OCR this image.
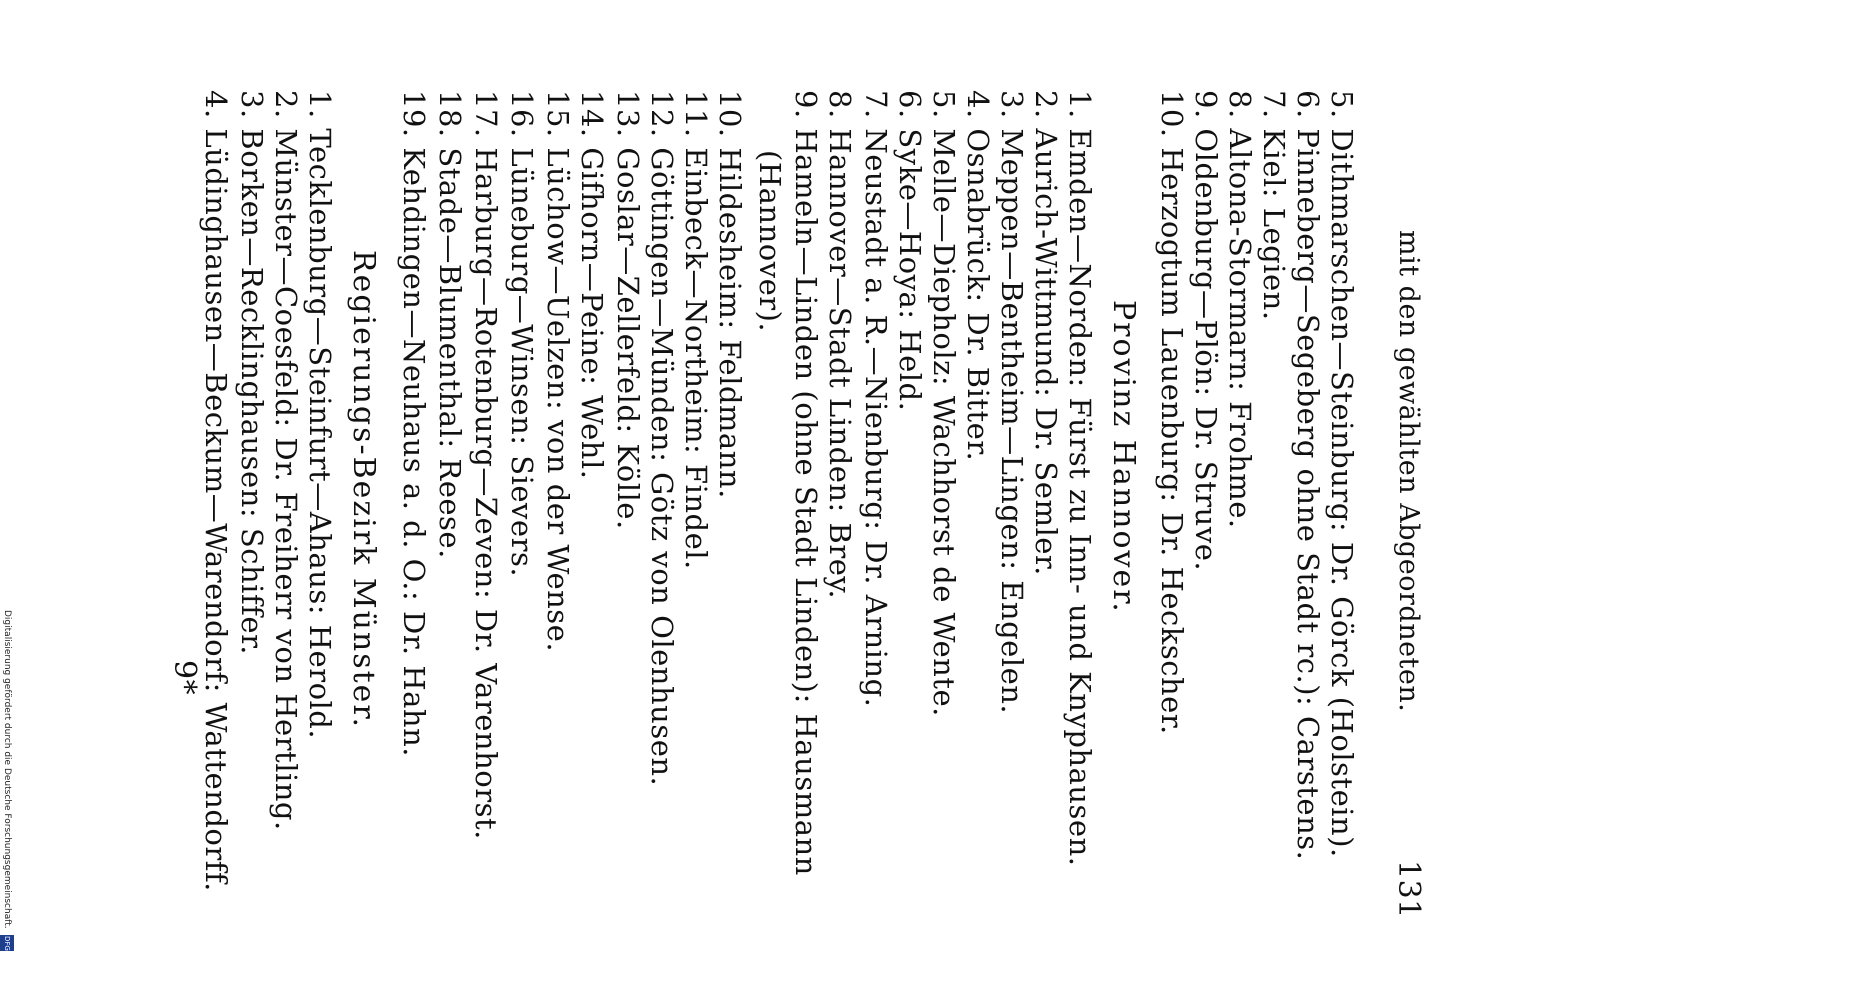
131
mit den gewählten Abgeordneten.
5. Dithmarschen—Steinburg: Dr. Görck (Holstein).
6. Pinneberg—Segeberg ohne Stadt rc.): Carstens.
7. Kiel: Legien.
8. Altona-Stormarn: Frohme.
9. Oldenburg—Plön: Dr. Struve.
10. Herzogtum Lauenburg: Dr. Heckscher.
Provinz Hannover.
1. Emden—Norden: Fürst zu Inn- und Knyphausen.
2. Aurich-Wittmund: Dr. Semler.
3. Meppen—Bentheim—Lingen: Engelen.
4. Osnabrück: Dr. Bitter.
5. Melle—Diepholz: Wachhorst de Wente.
6. Syke—Hoya: Held.
7. Neustadt a. R.—Nienburg: Dr. Arning.
8. Hannover—Stadt Linden: Brey.
9. Hameln—Linden (ohne Stadt Linden): Hausmann
(Hannover).
10. Hildesheim: Feldmann.
11. Einbeck—Northeim: Findel.
12. Göttingen—Münden: Götz von Olenhusen.
13. Goslar—Zellerfeld: Kölle.
14. Gifhorn—Peine: Wehl.
15. Lüchow—Uelzen: von der Wense.
16. Lüneburg—Winsen: Sievers.
17. Harburg—Rotenburg—Zeven: Dr. Varenhorst.
18. Stade—Blumenthal: Reese.
19. Kehdingen—Neuhaus a. d. O.: Dr. Hahn.
Regierungs-Bezirk Münster.
1. Tecklenburg—Steinfurt—Ahaus: Herold.
2. Münster—Coesfeld: Dr. Freiherr von Hertling.
3. Borken—Recklinghausen: Schiffer.
4. Lüdinghausen—Beckum—Warendorf: Wattendorff.
9*
Digitalisierung gefördert durch die Deutsche Forschungsgemeinschaft. DFG
